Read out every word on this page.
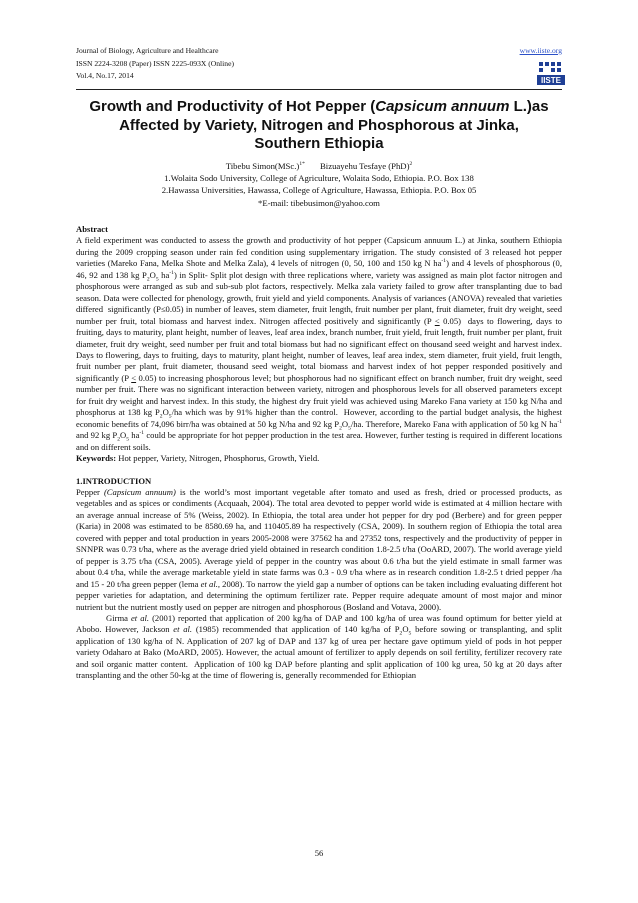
Journal of Biology, Agriculture and Healthcare
ISSN 2224-3208 (Paper) ISSN 2225-093X (Online)
Vol.4, No.17, 2014
www.iiste.org
IISTE
Growth and Productivity of Hot Pepper (Capsicum annuum L.)as
Affected by Variety, Nitrogen and Phosphorous at Jinka,
Southern Ethiopia
Tibebu $Simon(MSc.)^{1*}$       Bizuayehu Tesfaye (PhD)$^2$
1.Wolaita Sodo University, College of Agriculture, Wolaita Sodo, Ethiopia. P.O. Box 138
2.Hawassa Universities, Hawassa, College of Agriculture, Hawassa, Ethiopia. P.O. Box 05
*E-mail: tibebusimon@yahoo.com
Abstract

A field experiment was conducted to assess the growth and productivity of hot pepper (Capsicum annuum L.) at Jinka, southern Ethiopia during the 2009 cropping season under rain fed condition using supplementary irrigation. The study consisted of 3 released hot pepper varieties (Mareko Fana, Melka Shote and Melka Zala), 4 levels of nitrogen (0, 50, 100 and 150 kg N $ha^{-1}$) and 4 levels of phosphorous (0, 46, 92 and 138 kg $P_2O_5$ $ha^{-1}$) in Split- Split plot design with three replications where, variety was assigned as main plot factor nitrogen and phosphorous were arranged as sub and sub-sub plot factors, respectively. Melka zala variety failed to grow after transplanting due to bad season. Data were collected for phenology, growth, fruit yield and yield components. Analysis of variances (ANOVA) revealed that varieties differed  significantly (P≤0.05) in number of leaves, stem diameter, fruit length, fruit number per plant, fruit diameter, fruit dry weight, seed number per fruit, total biomass and harvest index. Nitrogen affected positively and significantly (P < 0.05)  days to flowering, days to fruiting, days to maturity, plant height, number of leaves, leaf area index, branch number, fruit yield, fruit length, fruit number per plant, fruit diameter, fruit dry weight, seed number per fruit and total biomass but had no significant effect on thousand seed weight and harvest index. Days to flowering, days to fruiting, days to maturity, plant height, number of leaves, leaf area index, stem diameter, fruit yield, fruit length, fruit number per plant, fruit diameter, thousand seed weight, total biomass and harvest index of hot pepper responded positively and significantly (P < 0.05) to increasing phosphorous level; but phosphorous had no significant effect on branch number, fruit dry weight, seed number per fruit. There was no significant interaction between variety, nitrogen and phosphorous levels for all observed parameters except for fruit dry weight and harvest index. In this study, the highest dry fruit yield was achieved using Mareko Fana variety at 150 kg N/ha and phosphorus at 138 kg $P_2O_5/ha$ which was by 91% higher than the control.  However, according to the partial budget analysis, the highest economic benefits of 74,096 birr/ha was obtained at 50 kg N/ha and 92 kg $P_2O_5/ha$. Therefore, Mareko Fana with application of 50 kg N $ha^{-1}$ and 92 kg $P_2O_5$ $ha^{-1}$ could be appropriate for hot pepper production in the test area. However, further testing is required in different locations and on different soils.

Keywords: Hot pepper, Variety, Nitrogen, Phosphorus, Growth, Yield.

1.INTRODUCTION

Pepper (Capsicum annuum) is the world’s most important vegetable after tomato and used as fresh, dried or processed products, as vegetables and as spices or condiments (Acquaah, 2004). The total area devoted to pepper world wide is estimated at 4 million hectare with an average annual increase of 5% (Weiss, 2002). In Ethiopia, the total area under hot pepper for dry pod (Berbere) and for green pepper (Karia) in 2008 was estimated to be 8580.69 ha, and 110405.89 ha respectively (CSA, 2009). In southern region of Ethiopia the total area covered with pepper and total production in years 2005-2008 were 37562 ha and 27352 tons, respectively and the productivity of pepper in SNNPR was 0.73 t/ha, where as the average dried yield obtained in research condition 1.8-2.5 t/ha (OoARD, 2007). The world average yield of pepper is 3.75 t/ha (CSA, 2005). Average yield of pepper in the country was about 0.6 t/ha but the yield estimate in small farmer was about 0.4 t/ha, while the average marketable yield in state farms was 0.3 - 0.9 t/ha where as in research condition 1.8-2.5 t dried pepper /ha and 15 - 20 t/ha green pepper (lema et al., 2008). To narrow the yield gap a number of options can be taken including evaluating different hot pepper varieties for adaptation, and determining the optimum fertilizer rate. Pepper require adequate amount of most major and minor nutrient but the nutrient mostly used on pepper are nitrogen and phosphorous (Bosland and Votava, 2000).

Girma et al. (2001) reported that application of 200 kg/ha of DAP and 100 kg/ha of urea was found optimum for better yield at Abobo. However, Jackson et al. (1985) recommended that application of 140 kg/ha of $P_2O_5$ before sowing or transplanting, and split application of 130 kg/ha of N. Application of 207 kg of DAP and 137 kg of urea per hectare gave optimum yield of pods in hot pepper variety Odaharo at Bako (MoARD, 2005). However, the actual amount of fertilizer to apply depends on soil fertility, fertilizer recovery rate and soil organic matter content.  Application of 100 kg DAP before planting and split application of 100 kg urea, 50 kg at 20 days after transplanting and the other 50-kg at the time of flowering is, generally recommended for Ethiopian

56
